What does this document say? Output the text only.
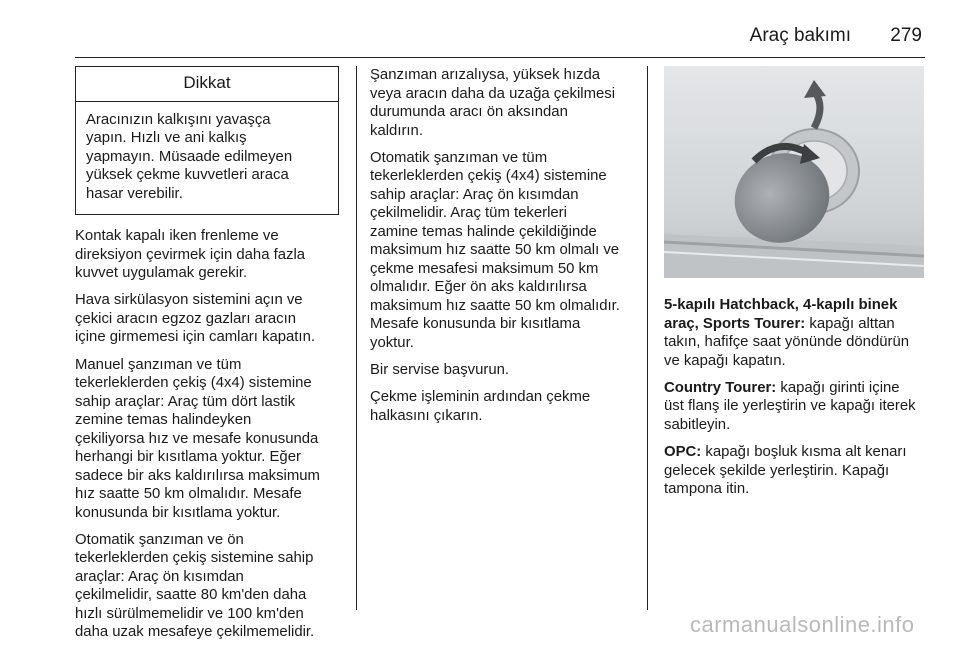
Araç bakımı 279
Dikkat
Aracınızın kalkışını yavaşça
yapın. Hızlı ve ani kalkış
yapmayın. Müsaade edilmeyen
yüksek çekme kuvvetleri araca
hasar verebilir.

Kontak kapalı iken frenleme ve
direksiyon çevirmek için daha fazla
kuvvet uygulamak gerekir.

Hava sirkülasyon sistemini açın ve
çekici aracın egzoz gazları aracın
içine girmemesi için camları kapatın.

Manuel şanzıman ve tüm
tekerleklerden çekiş (4x4) sistemine
sahip araçlar: Araç tüm dört lastik
zemine temas halindeyken
çekiliyorsa hız ve mesafe konusunda
herhangi bir kısıtlama yoktur. Eğer
sadece bir aks kaldırılırsa maksimum
hız saatte 50 km olmalıdır. Mesafe
konusunda bir kısıtlama yoktur.

Otomatik şanzıman ve ön
tekerleklerden çekiş sistemine sahip
araçlar: Araç ön kısımdan
çekilmelidir, saatte 80 km'den daha
hızlı sürülmemelidir ve 100 km'den
daha uzak mesafeye çekilmemelidir.

Şanzıman arızalıysa, yüksek hızda
veya aracın daha da uzağa çekilmesi
durumunda aracı ön aksından
kaldırın.

Otomatik şanzıman ve tüm
tekerleklerden çekiş (4x4) sistemine
sahip araçlar: Araç ön kısımdan
çekilmelidir. Araç tüm tekerleri
zamine temas halinde çekildiğinde
maksimum hız saatte 50 km olmalı ve
çekme mesafesi maksimum 50 km
olmalıdır. Eğer ön aks kaldırılırsa
maksimum hız saatte 50 km olmalıdır.
Mesafe konusunda bir kısıtlama
yoktur.

Bir servise başvurun.

Çekme işleminin ardından çekme
halkasını çıkarın.

5-kapılı Hatchback, 4-kapılı binek
araç, Sports Tourer: kapağı alttan
takın, hafifçe saat yönünde döndürün
ve kapağı kapatın.

Country Tourer: kapağı girinti içine
üst flanş ile yerleştirin ve kapağı iterek
sabitleyin.

OPC: kapağı boşluk kısma alt kenarı
gelecek şekilde yerleştirin. Kapağı
tampona itin.

carmanualsonline.info
